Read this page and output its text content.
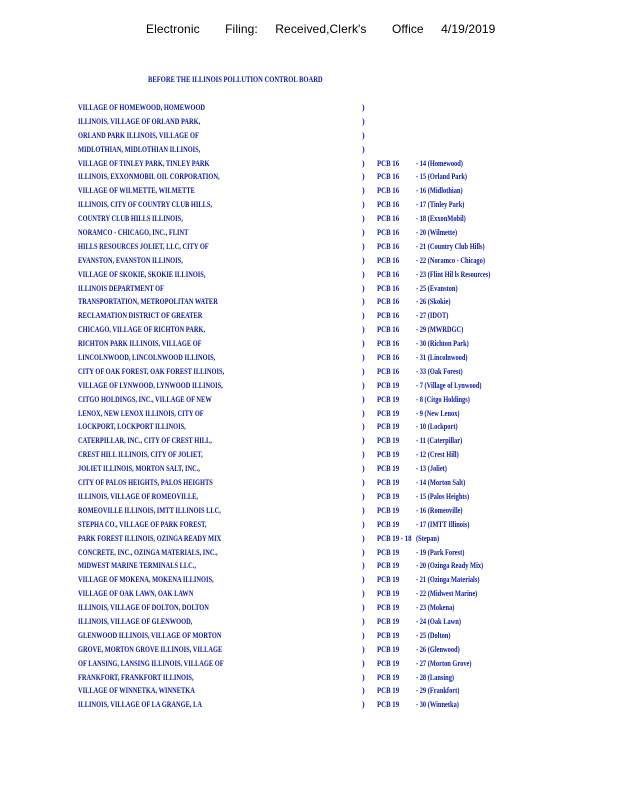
Electronic Filing: Received,Clerk's Office 4/19/2019
BEFORE THE ILLINOIS POLLUTION CONTROL BOARD
VILLAGE OF HOMEWOOD, HOMEWOOD	)
ILLINOIS, VILLAGE OF ORLAND PARK,	)
ORLAND PARK ILLINOIS, VILLAGE OF	)
MIDLOTHIAN, MIDLOTHIAN ILLINOIS,	)
VILLAGE OF TINLEY PARK, TINLEY PARK	) PCB 16 - 14 (Homewood)
ILLINOIS, EXXONMOBIL OIL CORPORATION,	) PCB 16 - 15 (Orland Park)
VILLAGE OF WILMETTE, WILMETTE	) PCB 16 - 16 (Midlothian)
ILLINOIS, CITY OF COUNTRY CLUB HILLS,	) PCB 16 - 17 (Tinley Park)
COUNTRY CLUB HILLS ILLINOIS,	) PCB 16 - 18 (ExxonMobil)
NORAMCO - CHICAGO, INC., FLINT	) PCB 16 - 20 (Wilmette)
HILLS RESOURCES JOLIET, LLC, CITY OF	) PCB 16 - 21 (Country Club Hills)
EVANSTON, EVANSTON ILLINOIS,	) PCB 16 - 22 (Noramco - Chicago)
VILLAGE OF SKOKIE, SKOKIE ILLINOIS,	) PCB 16 - 23 (Flint Hil ls Resources)
ILLINOIS DEPARTMENT OF	) PCB 16 - 25 (Evanston)
TRANSPORTATION, METROPOLITAN WATER	) PCB 16 - 26 (Skokie)
RECLAMATION DISTRICT OF GREATER	) PCB 16 - 27 (IDOT)
CHICAGO, VILLAGE OF RICHTON PARK,	) PCB 16 - 29 (MWRDGC)
RICHTON PARK ILLINOIS, VILLAGE OF	) PCB 16 - 30 (Richton Park)
LINCOLNWOOD, LINCOLNWOOD ILLINOIS,	) PCB 16 - 31 (Lincolnwood)
CITY OF OAK FOREST, OAK FOREST ILLINOIS,	) PCB 16 - 33 (Oak Forest)
VILLAGE OF LYNWOOD, LYNWOOD ILLINOIS,	) PCB 19 - 7 (Village of Lynwood)
CITGO HOLDINGS, INC., VILLAGE OF NEW	) PCB 19 - 8 (Citgo Holdings)
LENOX, NEW LENOX ILLINOIS, CITY OF	) PCB 19 - 9 (New Lenox)
LOCKPORT, LOCKPORT ILLINOIS,	) PCB 19 - 10 (Lockport)
CATERPILLAR, INC., CITY OF CREST HILL,	) PCB 19 - 11 (Caterpillar)
CREST HILL ILLINOIS, CITY OF JOLIET,	) PCB 19 - 12 (Crest Hill)
JOLIET ILLINOIS, MORTON SALT, INC.,	) PCB 19 - 13 (Joliet)
CITY OF PALOS HEIGHTS, PALOS HEIGHTS	) PCB 19 - 14 (Morton Salt)
ILLINOIS, VILLAGE OF ROMEOVILLE,	) PCB 19 - 15 (Palos Heights)
ROMEOVILLE ILLINOIS, IMTT ILLINOIS LLC,	) PCB 19 - 16 (Romeoville)
STEPHA CO., VILLAGE OF PARK FOREST,	) PCB 19 - 17 (IMTT Illinois)
PARK FOREST ILLINOIS, OZINGA READY MIX	) PCB 19 - 18 (Stepan)
CONCRETE, INC., OZINGA MATERIALS, INC.,	) PCB 19 - 19 (Park Forest)
MIDWEST MARINE TERMINALS LLC.,	) PCB 19 - 20 (Ozinga Ready Mix)
VILLAGE OF MOKENA, MOKENA ILLINOIS,	) PCB 19 - 21 (Ozinga Materials)
VILLAGE OF OAK LAWN, OAK LAWN	) PCB 19 - 22 (Midwest Marine)
ILLINOIS, VILLAGE OF DOLTON, DOLTON	) PCB 19 - 23 (Mokena)
ILLINOIS, VILLAGE OF GLENWOOD,	) PCB 19 - 24 (Oak Lawn)
GLENWOOD ILLINOIS, VILLAGE OF MORTON	) PCB 19 - 25 (Dolton)
GROVE, MORTON GROVE ILLINOIS, VILLAGE	) PCB 19 - 26 (Glenwood)
OF LANSING, LANSING ILLINOIS, VILLAGE OF	) PCB 19 - 27 (Morton Grove)
FRANKFORT, FRANKFORT ILLINOIS,	) PCB 19 - 28 (Lansing)
VILLAGE OF WINNETKA, WINNETKA	) PCB 19 - 29 (Frankfort)
ILLINOIS, VILLAGE OF LA GRANGE, LA	) PCB 19 - 30 (Winnetka)
